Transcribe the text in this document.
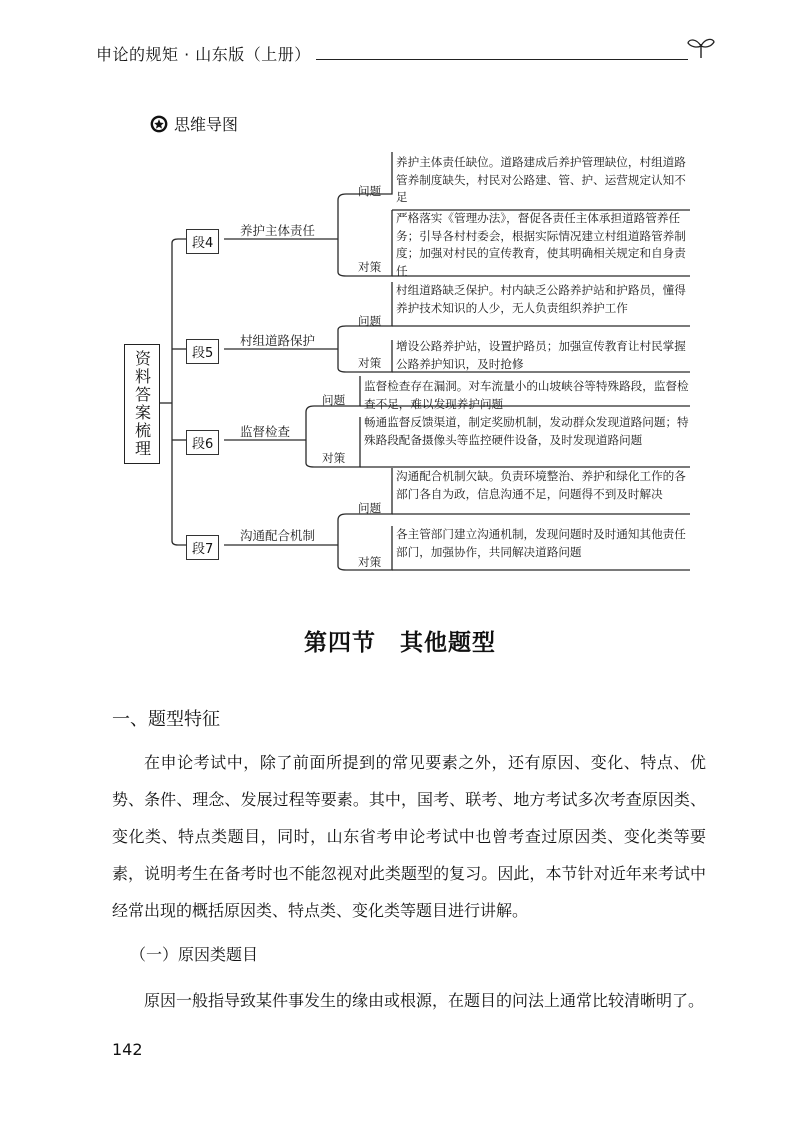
申论的规矩 · 山东版（上册）
思维导图
资料答案梳理
段4
段5
段6
段7
养护主体责任
村组道路保护
监督检查
沟通配合机制
问题
对策
问题
对策
问题
对策
问题
对策
养护主体责任缺位。道路建成后养护管理缺位，村组道路管养制度缺失，村民对公路建、管、护、运营规定认知不足
严格落实《管理办法》，督促各责任主体承担道路管养任务；引导各村村委会，根据实际情况建立村组道路管养制度；加强对村民的宣传教育，使其明确相关规定和自身责任
村组道路缺乏保护。村内缺乏公路养护站和护路员，懂得养护技术知识的人少，无人负责组织养护工作
增设公路养护站，设置护路员；加强宣传教育让村民掌握公路养护知识，及时抢修
监督检查存在漏洞。对车流量小的山坡峡谷等特殊路段，监督检查不足，难以发现养护问题
畅通监督反馈渠道，制定奖励机制，发动群众发现道路问题；特殊路段配备摄像头等监控硬件设备，及时发现道路问题
沟通配合机制欠缺。负责环境整治、养护和绿化工作的各部门各自为政，信息沟通不足，问题得不到及时解决
各主管部门建立沟通机制，发现问题时及时通知其他责任部门，加强协作，共同解决道路问题
第四节　其他题型
一、题型特征

在申论考试中，除了前面所提到的常见要素之外，还有原因、变化、特点、优势、条件、理念、发展过程等要素。其中，国考、联考、地方考试多次考查原因类、变化类、特点类题目，同时，山东省考申论考试中也曾考查过原因类、变化类等要素，说明考生在备考时也不能忽视对此类题型的复习。因此，本节针对近年来考试中经常出现的概括原因类、特点类、变化类等题目进行讲解。

（一）原因类题目
原因一般指导致某件事发生的缘由或根源，在题目的问法上通常比较清晰明了。
142
